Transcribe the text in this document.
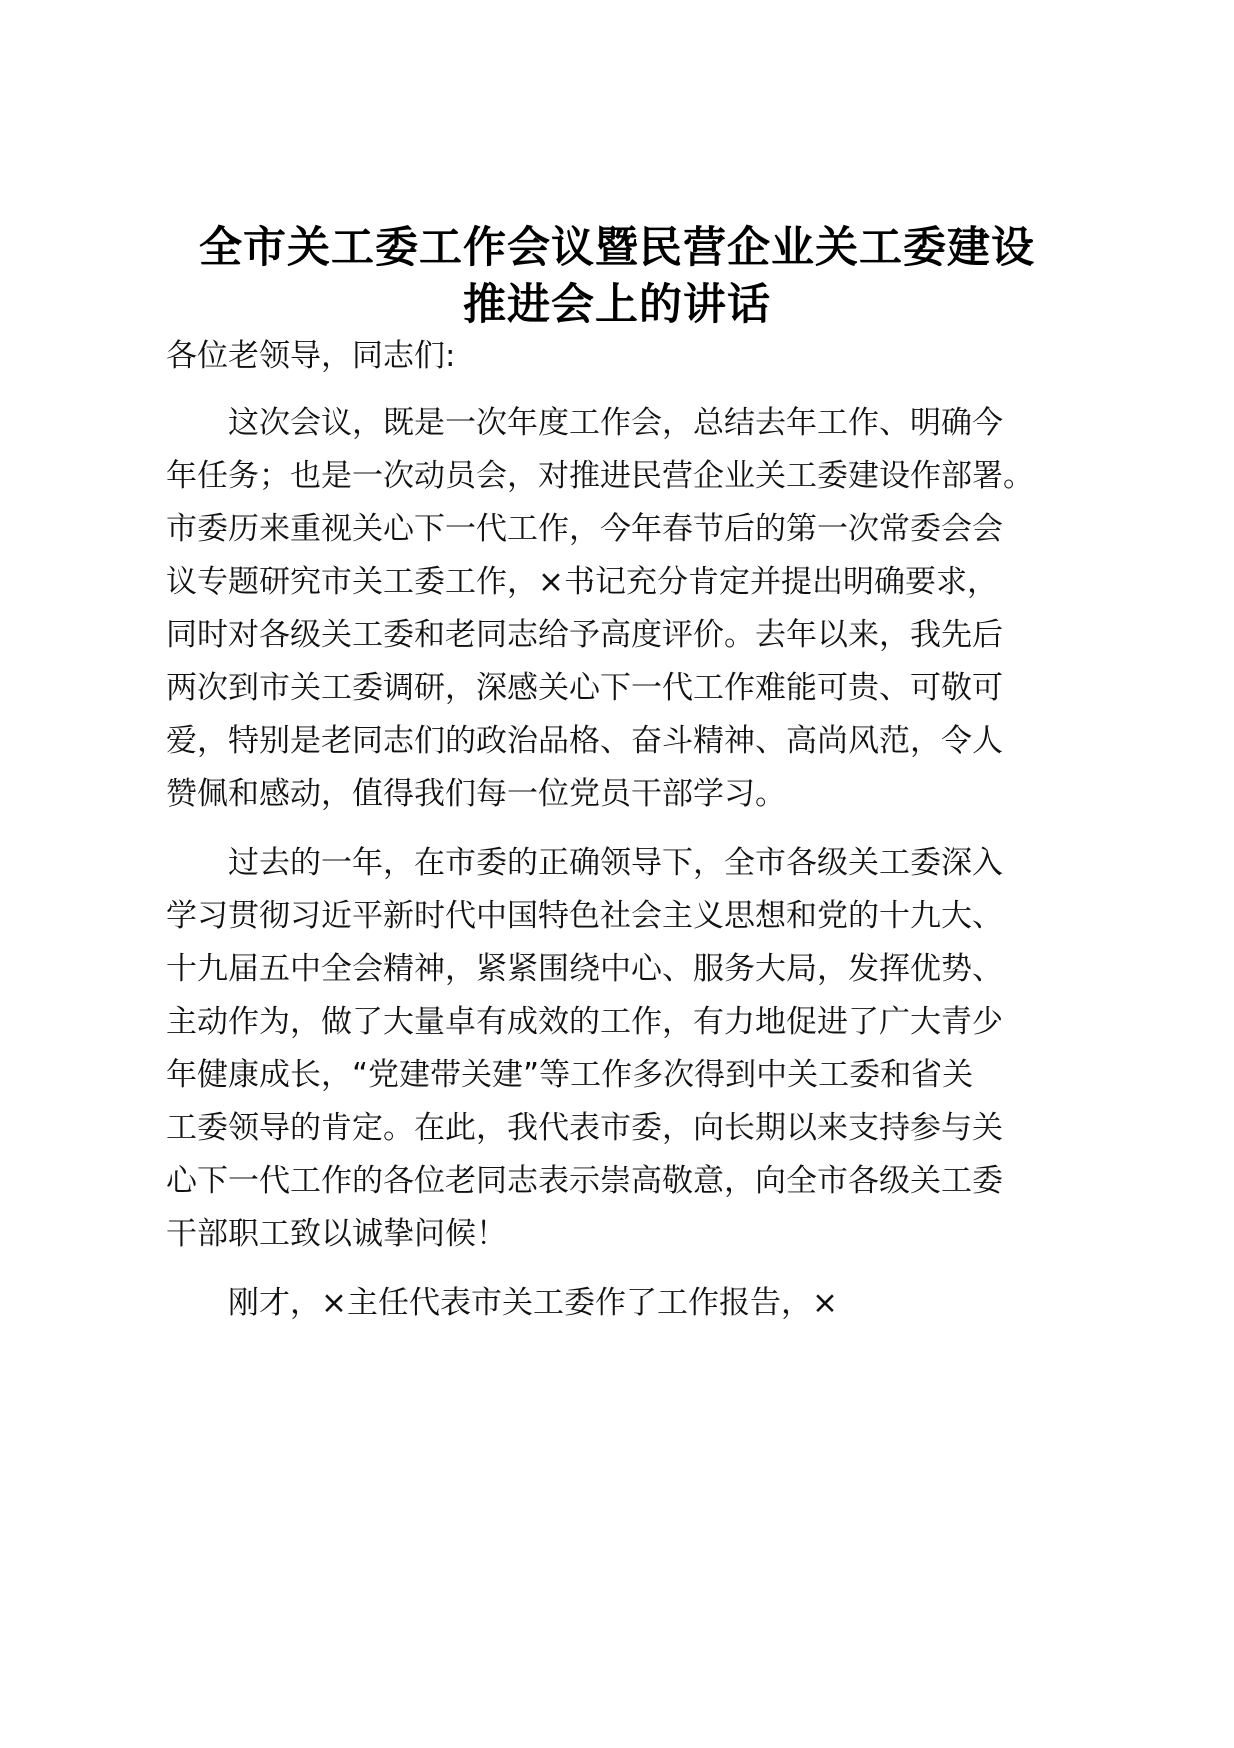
全市关工委工作会议暨民营企业关工委建设
推进会上的讲话
各位老领导，同志们:
　　这次会议，既是一次年度工作会，总结去年工作、明确今
年任务；也是一次动员会，对推进民营企业关工委建设作部署。
市委历来重视关心下一代工作，今年春节后的第一次常委会会
议专题研究市关工委工作，×书记充分肯定并提出明确要求，
同时对各级关工委和老同志给予高度评价。去年以来，我先后
两次到市关工委调研，深感关心下一代工作难能可贵、可敬可
爱，特别是老同志们的政治品格、奋斗精神、高尚风范，令人
赞佩和感动，值得我们每一位党员干部学习。
　　过去的一年，在市委的正确领导下，全市各级关工委深入
学习贯彻习近平新时代中国特色社会主义思想和党的十九大、
十九届五中全会精神，紧紧围绕中心、服务大局，发挥优势、
主动作为，做了大量卓有成效的工作，有力地促进了广大青少
年健康成长，“党建带关建”等工作多次得到中关工委和省关
工委领导的肯定。在此，我代表市委，向长期以来支持参与关
心下一代工作的各位老同志表示崇高敬意，向全市各级关工委
干部职工致以诚挚问候！
　　刚才，×主任代表市关工委作了工作报告，×
